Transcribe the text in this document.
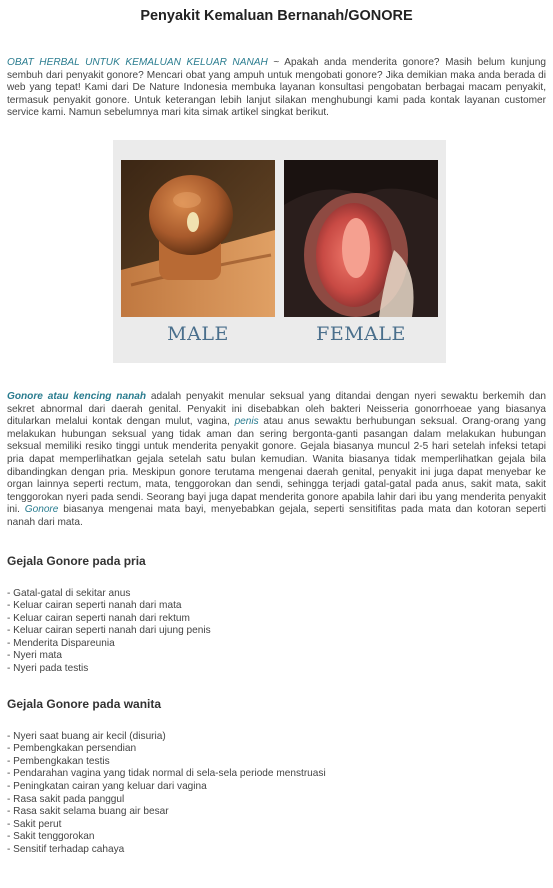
Penyakit Kemaluan Bernanah/GONORE

OBAT HERBAL UNTUK KEMALUAN KELUAR NANAH ~ Apakah anda menderita gonore? Masih belum kunjung sembuh dari penyakit gonore? Mencari obat yang ampuh untuk mengobati gonore? Jika demikian maka anda berada di web yang tepat! Kami dari De Nature Indonesia membuka layanan konsultasi pengobatan berbagai macam penyakit, termasuk penyakit gonore. Untuk keterangan lebih lanjut silakan menghubungi kami pada kontak layanan customer service kami. Namun sebelumnya mari kita simak artikel singkat berikut.

MALE	FEMALE

Gonore atau kencing nanah adalah penyakit menular seksual yang ditandai dengan nyeri sewaktu berkemih dan sekret abnormal dari daerah genital. Penyakit ini disebabkan oleh bakteri Neisseria gonorrhoeae yang biasanya ditularkan melalui kontak dengan mulut, vagina, penis atau anus sewaktu berhubungan seksual. Orang-orang yang melakukan hubungan seksual yang tidak aman dan sering bergonta-ganti pasangan dalam melakukan hubungan seksual memiliki resiko tinggi untuk menderita penyakit gonore. Gejala biasanya muncul 2-5 hari setelah infeksi tetapi pria dapat memperlihatkan gejala setelah satu bulan kemudian. Wanita biasanya tidak memperlihatkan gejala bila dibandingkan dengan pria. Meskipun gonore terutama mengenai daerah genital, penyakit ini juga dapat menyebar ke organ lainnya seperti rectum, mata, tenggorokan dan sendi, sehingga terjadi gatal-gatal pada anus, sakit mata, sakit tenggorokan nyeri pada sendi. Seorang bayi juga dapat menderita gonore apabila lahir dari ibu yang menderita penyakit ini. Gonore biasanya mengenai mata bayi, menyebabkan gejala, seperti sensitifitas pada mata dan kotoran seperti nanah dari mata.

Gejala Gonore pada pria
- Gatal-gatal di sekitar anus
- Keluar cairan seperti nanah dari mata
- Keluar cairan seperti nanah dari rektum
- Keluar cairan seperti nanah dari ujung penis
- Menderita Dispareunia
- Nyeri mata
- Nyeri pada testis
Gejala Gonore pada wanita
- Nyeri saat buang air kecil (disuria)
- Pembengkakan persendian
- Pembengkakan testis
- Pendarahan vagina yang tidak normal di sela-sela periode menstruasi
- Peningkatan cairan yang keluar dari vagina
- Rasa sakit pada panggul
- Rasa sakit selama buang air besar
- Sakit perut
- Sakit tenggorokan
- Sensitif terhadap cahaya
